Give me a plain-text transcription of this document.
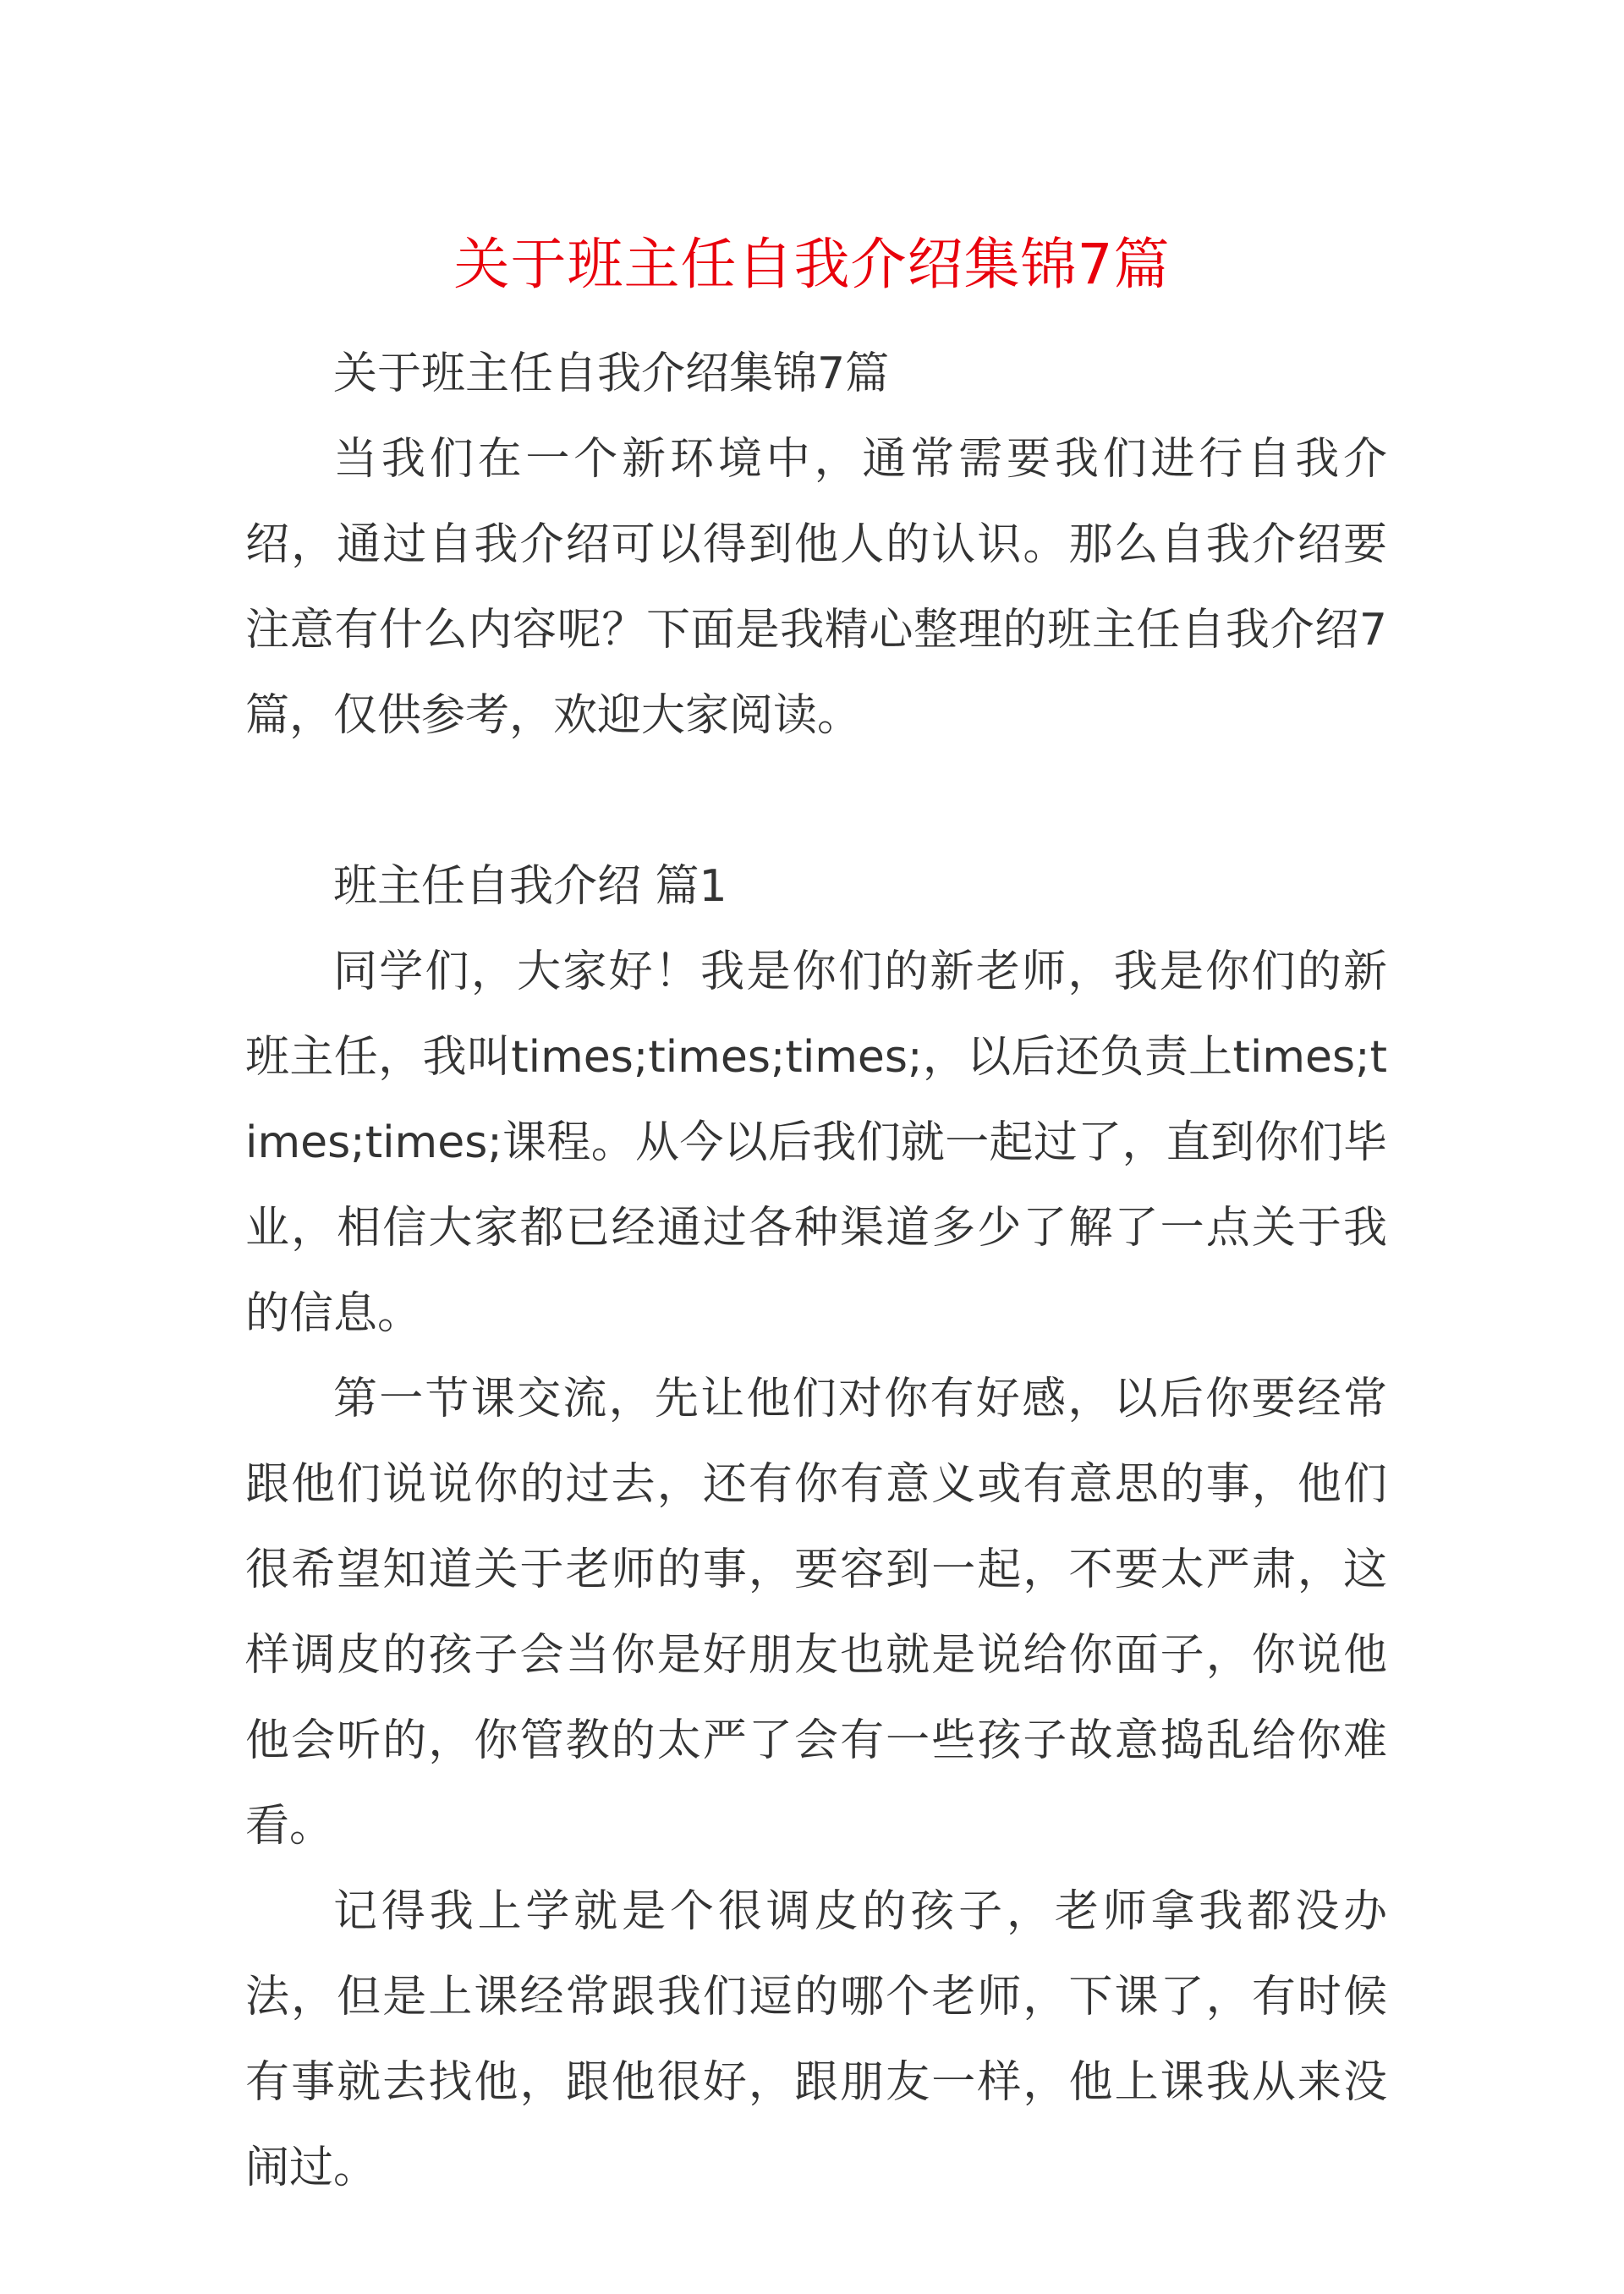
关于班主任自我介绍集锦7篇

关于班主任自我介绍集锦7篇

当我们在一个新环境中，通常需要我们进行自我介绍，通过自我介绍可以得到他人的认识。那么自我介绍要注意有什么内容呢？下面是我精心整理的班主任自我介绍7篇，仅供参考，欢迎大家阅读。

班主任自我介绍 篇1

同学们，大家好！我是你们的新老师，我是你们的新班主任，我叫times;times;times;，以后还负责上times;times;times;课程。从今以后我们就一起过了，直到你们毕业，相信大家都已经通过各种渠道多少了解了一点关于我的信息。

第一节课交流，先让他们对你有好感，以后你要经常跟他们说说你的过去，还有你有意义或有意思的事，他们很希望知道关于老师的事，要容到一起，不要太严肃，这样调皮的孩子会当你是好朋友也就是说给你面子，你说他他会听的，你管教的太严了会有一些孩子故意捣乱给你难看。

记得我上学就是个很调皮的孩子，老师拿我都没办法，但是上课经常跟我们逗的哪个老师，下课了，有时候有事就去找他，跟他很好，跟朋友一样，他上课我从来没闹过。
